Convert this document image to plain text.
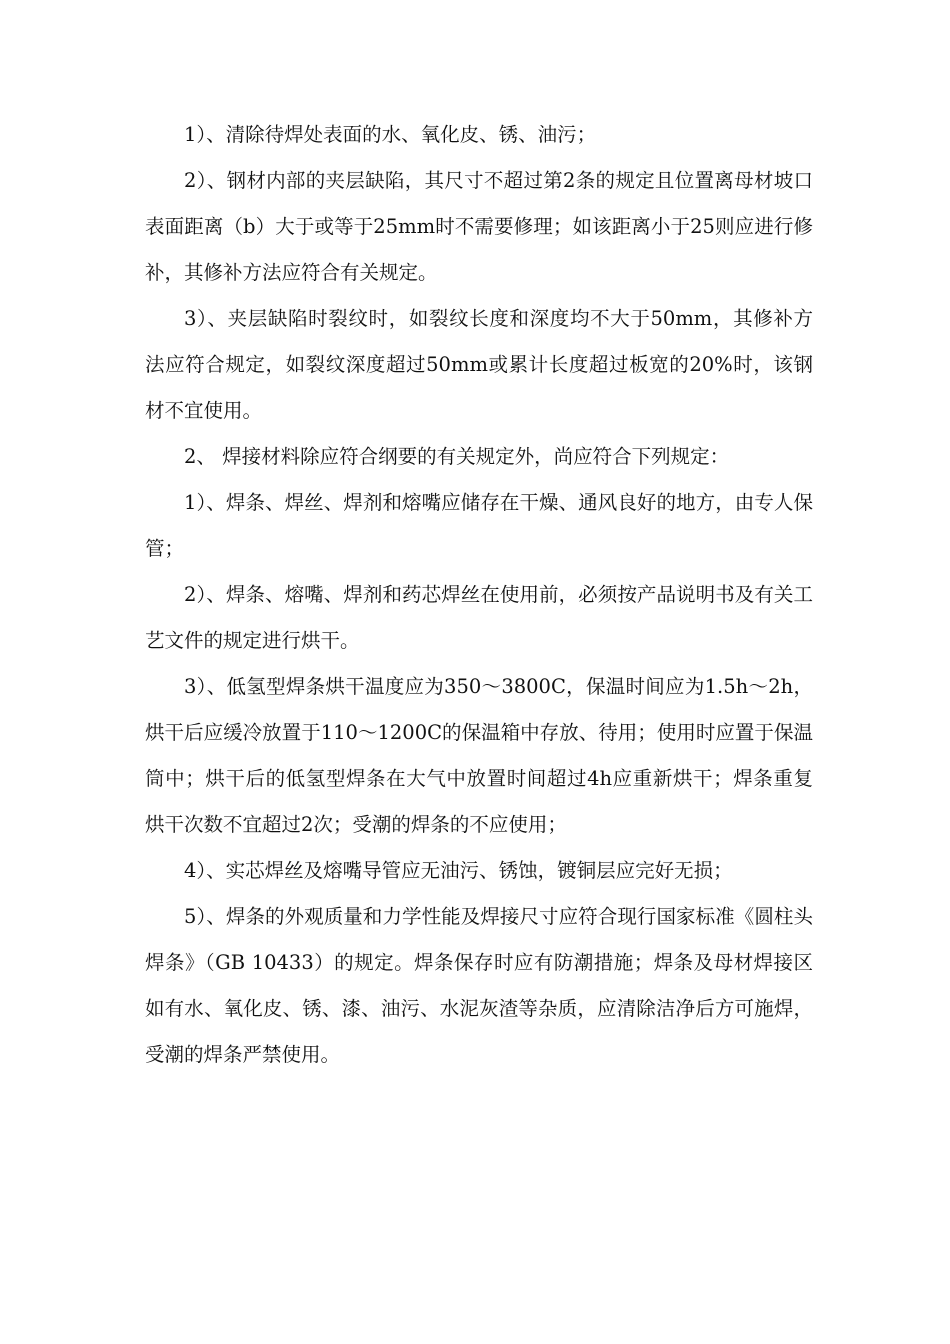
1）、清除待焊处表面的水、氧化皮、锈、油污；

2）、钢材内部的夹层缺陷，其尺寸不超过第2条的规定且位置离母材坡口表面距离（b）大于或等于25mm时不需要修理；如该距离小于25则应进行修补，其修补方法应符合有关规定。

3）、夹层缺陷时裂纹时，如裂纹长度和深度均不大于50mm，其修补方法应符合规定，如裂纹深度超过50mm或累计长度超过板宽的20%时，该钢材不宜使用。

2、 焊接材料除应符合纲要的有关规定外，尚应符合下列规定：

1）、焊条、焊丝、焊剂和熔嘴应储存在干燥、通风良好的地方，由专人保管；

2）、焊条、熔嘴、焊剂和药芯焊丝在使用前，必须按产品说明书及有关工艺文件的规定进行烘干。

3）、低氢型焊条烘干温度应为350～3800C，保温时间应为1.5h～2h，烘干后应缓冷放置于110～1200C的保温箱中存放、待用；使用时应置于保温筒中；烘干后的低氢型焊条在大气中放置时间超过4h应重新烘干；焊条重复烘干次数不宜超过2次；受潮的焊条的不应使用；

4）、实芯焊丝及熔嘴导管应无油污、锈蚀，镀铜层应完好无损；

5）、焊条的外观质量和力学性能及焊接尺寸应符合现行国家标准《圆柱头焊条》（GB 10433）的规定。焊条保存时应有防潮措施；焊条及母材焊接区如有水、氧化皮、锈、漆、油污、水泥灰渣等杂质，应清除洁净后方可施焊，受潮的焊条严禁使用。
